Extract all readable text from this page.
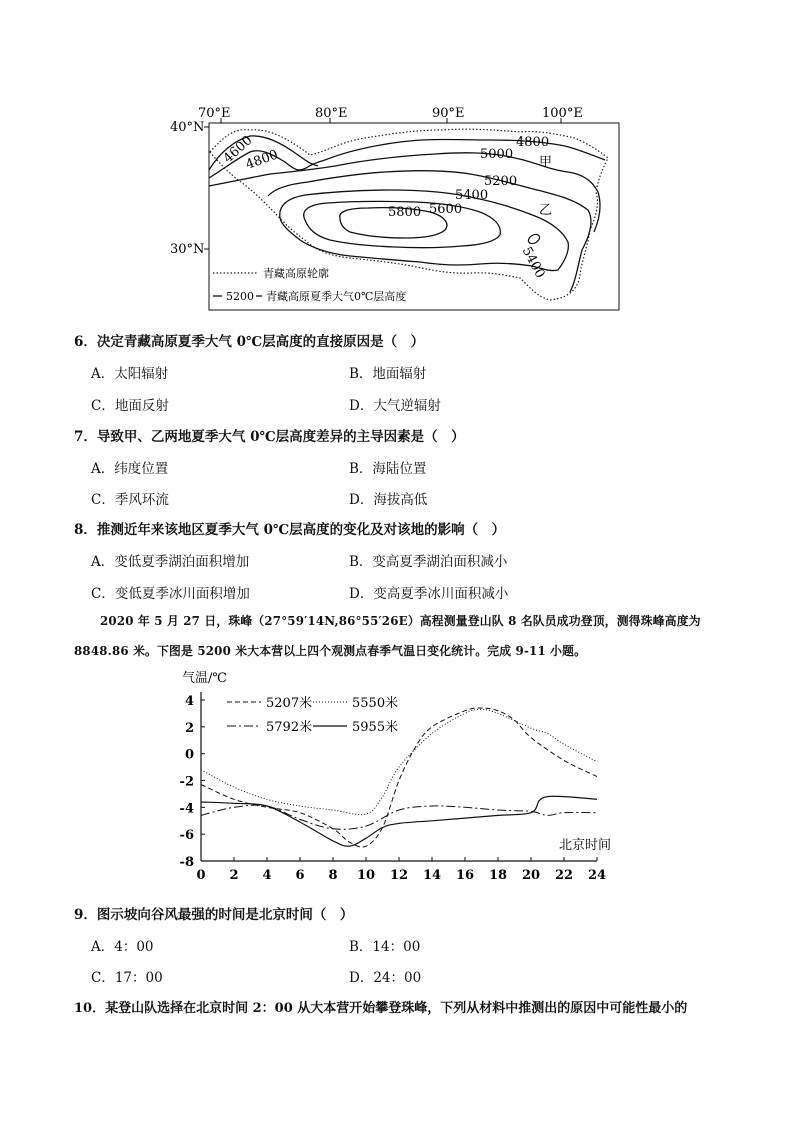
70°E	80°E	90°E	100°E
40°N
30°N
4600
4800
4800
5000
5200
5400
5600
5800
5400
甲
乙
青藏高原轮廓
5200 青藏高原夏季大气0℃层高度
6．决定青藏高原夏季大气 0℃层高度的直接原因是（　）
A．太阳辐射	B．地面辐射
C．地面反射	D．大气逆辐射
7．导致甲、乙两地夏季大气 0℃层高度差异的主导因素是（　）
A．纬度位置	B．海陆位置
C．季风环流	D．海拔高低
8．推测近年来该地区夏季大气 0℃层高度的变化及对该地的影响（　）
A．变低夏季湖泊面积增加	B．变高夏季湖泊面积减小
C．变低夏季冰川面积增加	D．变高夏季冰川面积减小
2020 年 5 月 27 日，珠峰（27°59′14N,86°55′26E）高程测量登山队 8 名队员成功登顶，测得珠峰高度为
8848.86 米。下图是 5200 米大本营以上四个观测点春季气温日变化统计。完成 9-11 小题。
0 2 4 6 8 10 12 14 16 18 20 22 24
4
2
0
-2
-4
-6
-8
气温/℃
北京时间
5207米	5550米
5792米	5955米
9．图示坡向谷风最强的时间是北京时间（　）
A．4：00	B．14：00
C．17：00	D．24：00
10．某登山队选择在北京时间 2：00 从大本营开始攀登珠峰，下列从材料中推测出的原因中可能性最小的
